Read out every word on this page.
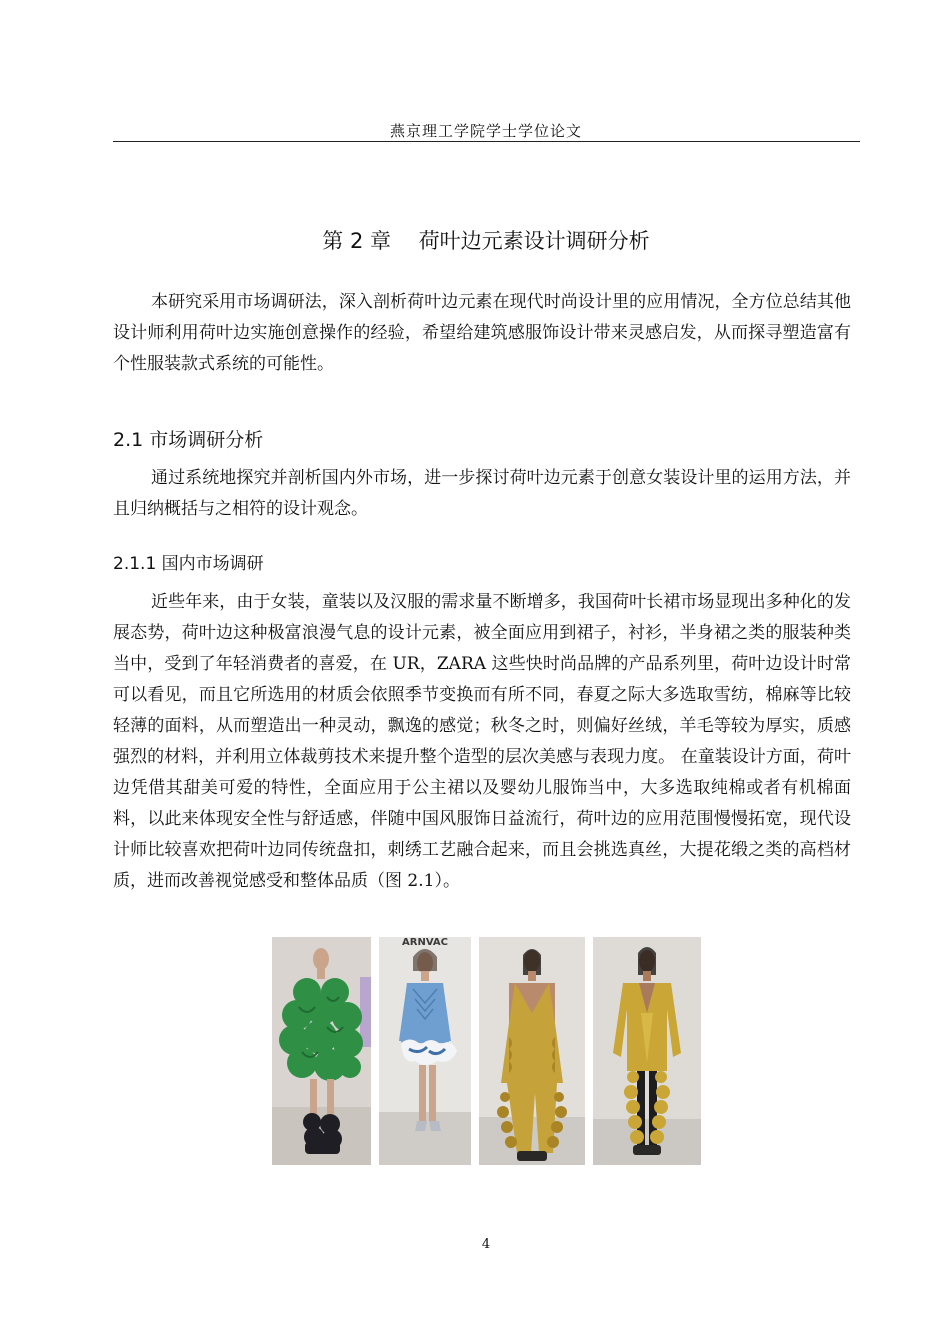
燕京理工学院学士学位论文
第 2 章　 荷叶边元素设计调研分析

本研究采用市场调研法，深入剖析荷叶边元素在现代时尚设计里的应用情况，全方位总结其他设计师利用荷叶边实施创意操作的经验，希望给建筑感服饰设计带来灵感启发，从而探寻塑造富有个性服装款式系统的可能性。

2.1 市场调研分析

通过系统地探究并剖析国内外市场，进一步探讨荷叶边元素于创意女装设计里的运用方法，并且归纳概括与之相符的设计观念。

2.1.1 国内市场调研

近些年来，由于女装，童装以及汉服的需求量不断增多，我国荷叶长裙市场显现出多种化的发展态势，荷叶边这种极富浪漫气息的设计元素，被全面应用到裙子，衬衫，半身裙之类的服装种类当中，受到了年轻消费者的喜爱，在 UR，ZARA 这些快时尚品牌的产品系列里，荷叶边设计时常可以看见，而且它所选用的材质会依照季节变换而有所不同，春夏之际大多选取雪纺，棉麻等比较轻薄的面料，从而塑造出一种灵动，飘逸的感觉；秋冬之时，则偏好丝绒，羊毛等较为厚实，质感强烈的材料，并利用立体裁剪技术来提升整个造型的层次美感与表现力度。 在童装设计方面，荷叶边凭借其甜美可爱的特性，全面应用于公主裙以及婴幼儿服饰当中，大多选取纯棉或者有机棉面料，以此来体现安全性与舒适感，伴随中国风服饰日益流行，荷叶边的应用范围慢慢拓宽，现代设计师比较喜欢把荷叶边同传统盘扣，刺绣工艺融合起来，而且会挑选真丝，大提花缎之类的高档材质，进而改善视觉感受和整体品质（图 2.1）。

ARNVAC
4
